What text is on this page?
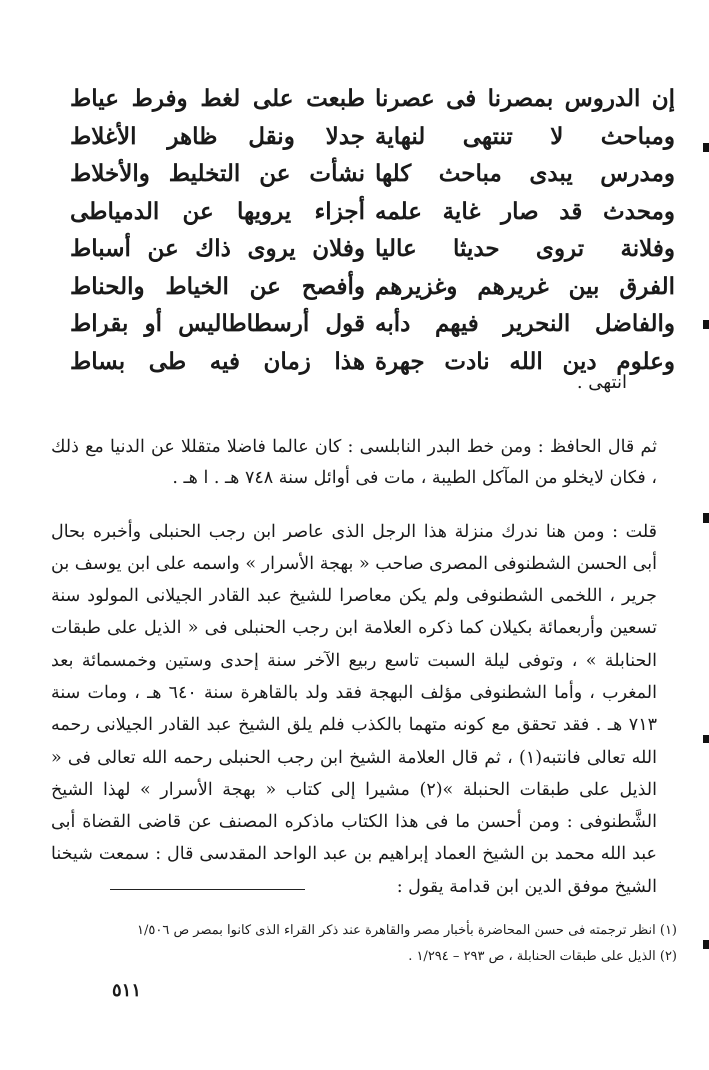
إن الدروس بمصرنا فى عصرنا
طبعت على لغط وفرط عياط
ومباحث لا تنتهى لنهاية
جدلا ونقل ظاهر الأغلاط
ومدرس يبدى مباحث كلها
نشأت عن التخليط والأخلاط
ومحدث قد صار غاية علمه
أجزاء يرويها عن الدمياطى
وفلانة تروى حديثا عاليا
وفلان يروى ذاك عن أسباط
الفرق بين غريرهم وغزيرهم
وأفصح عن الخياط والحناط
والفاضل النحرير فيهم دأبه
قول أرسطاطاليس أو بقراط
وعلوم دين الله نادت جهرة
هذا زمان فيه طى بساط
انتهى .

ثم قال الحافظ : ومن خط البدر النابلسى : كان عالما فاضلا متقللا عن الدنيا مع ذلك ، فكان لايخلو من المآكل الطيبة ، مات فى أوائل سنة ٧٤٨ هـ . ا هـ .

قلت : ومن هنا ندرك منزلة هذا الرجل الذى عاصر ابن رجب الحنبلى وأخبره بحال أبى الحسن الشطنوفى المصرى صاحب « بهجة الأسرار » واسمه على ابن يوسف بن جرير ، اللخمى الشطنوفى ولم يكن معاصرا للشيخ عبد القادر الجيلانى المولود سنة تسعين وأربعمائة بكيلان كما ذكره العلامة ابن رجب الحنبلى فى « الذيل على طبقات الحنابلة » ، وتوفى ليلة السبت تاسع ربيع الآخر سنة إحدى وستين وخمسمائة بعد المغرب ، وأما الشطنوفى مؤلف البهجة فقد ولد بالقاهرة سنة ٦٤٠ هـ ، ومات سنة ٧١٣ هـ . فقد تحقق مع كونه متهما بالكذب فلم يلق الشيخ عبد القادر الجيلانى رحمه الله تعالى فانتبه(١) ، ثم قال العلامة الشيخ ابن رجب الحنبلى رحمه الله تعالى فى « الذيل على طبقات الحنبلة »(٢) مشيرا إلى كتاب « بهجة الأسرار » لهذا الشيخ الشَّطنوفى : ومن أحسن ما فى هذا الكتاب ماذكره المصنف عن قاضى القضاة أبى عبد الله محمد بن الشيخ العماد إبراهيم بن عبد الواحد المقدسى قال : سمعت شيخنا الشيخ موفق الدين ابن قدامة يقول :

(١) انظر ترجمته فى حسن المحاضرة بأخبار مصر والقاهرة عند ذكر القراء الذى كانوا بمصر ص ١/٥٠٦
(٢) الذيل على طبقات الحنابلة ، ص ٢٩٣ – ١/٢٩٤ .
٥١١
